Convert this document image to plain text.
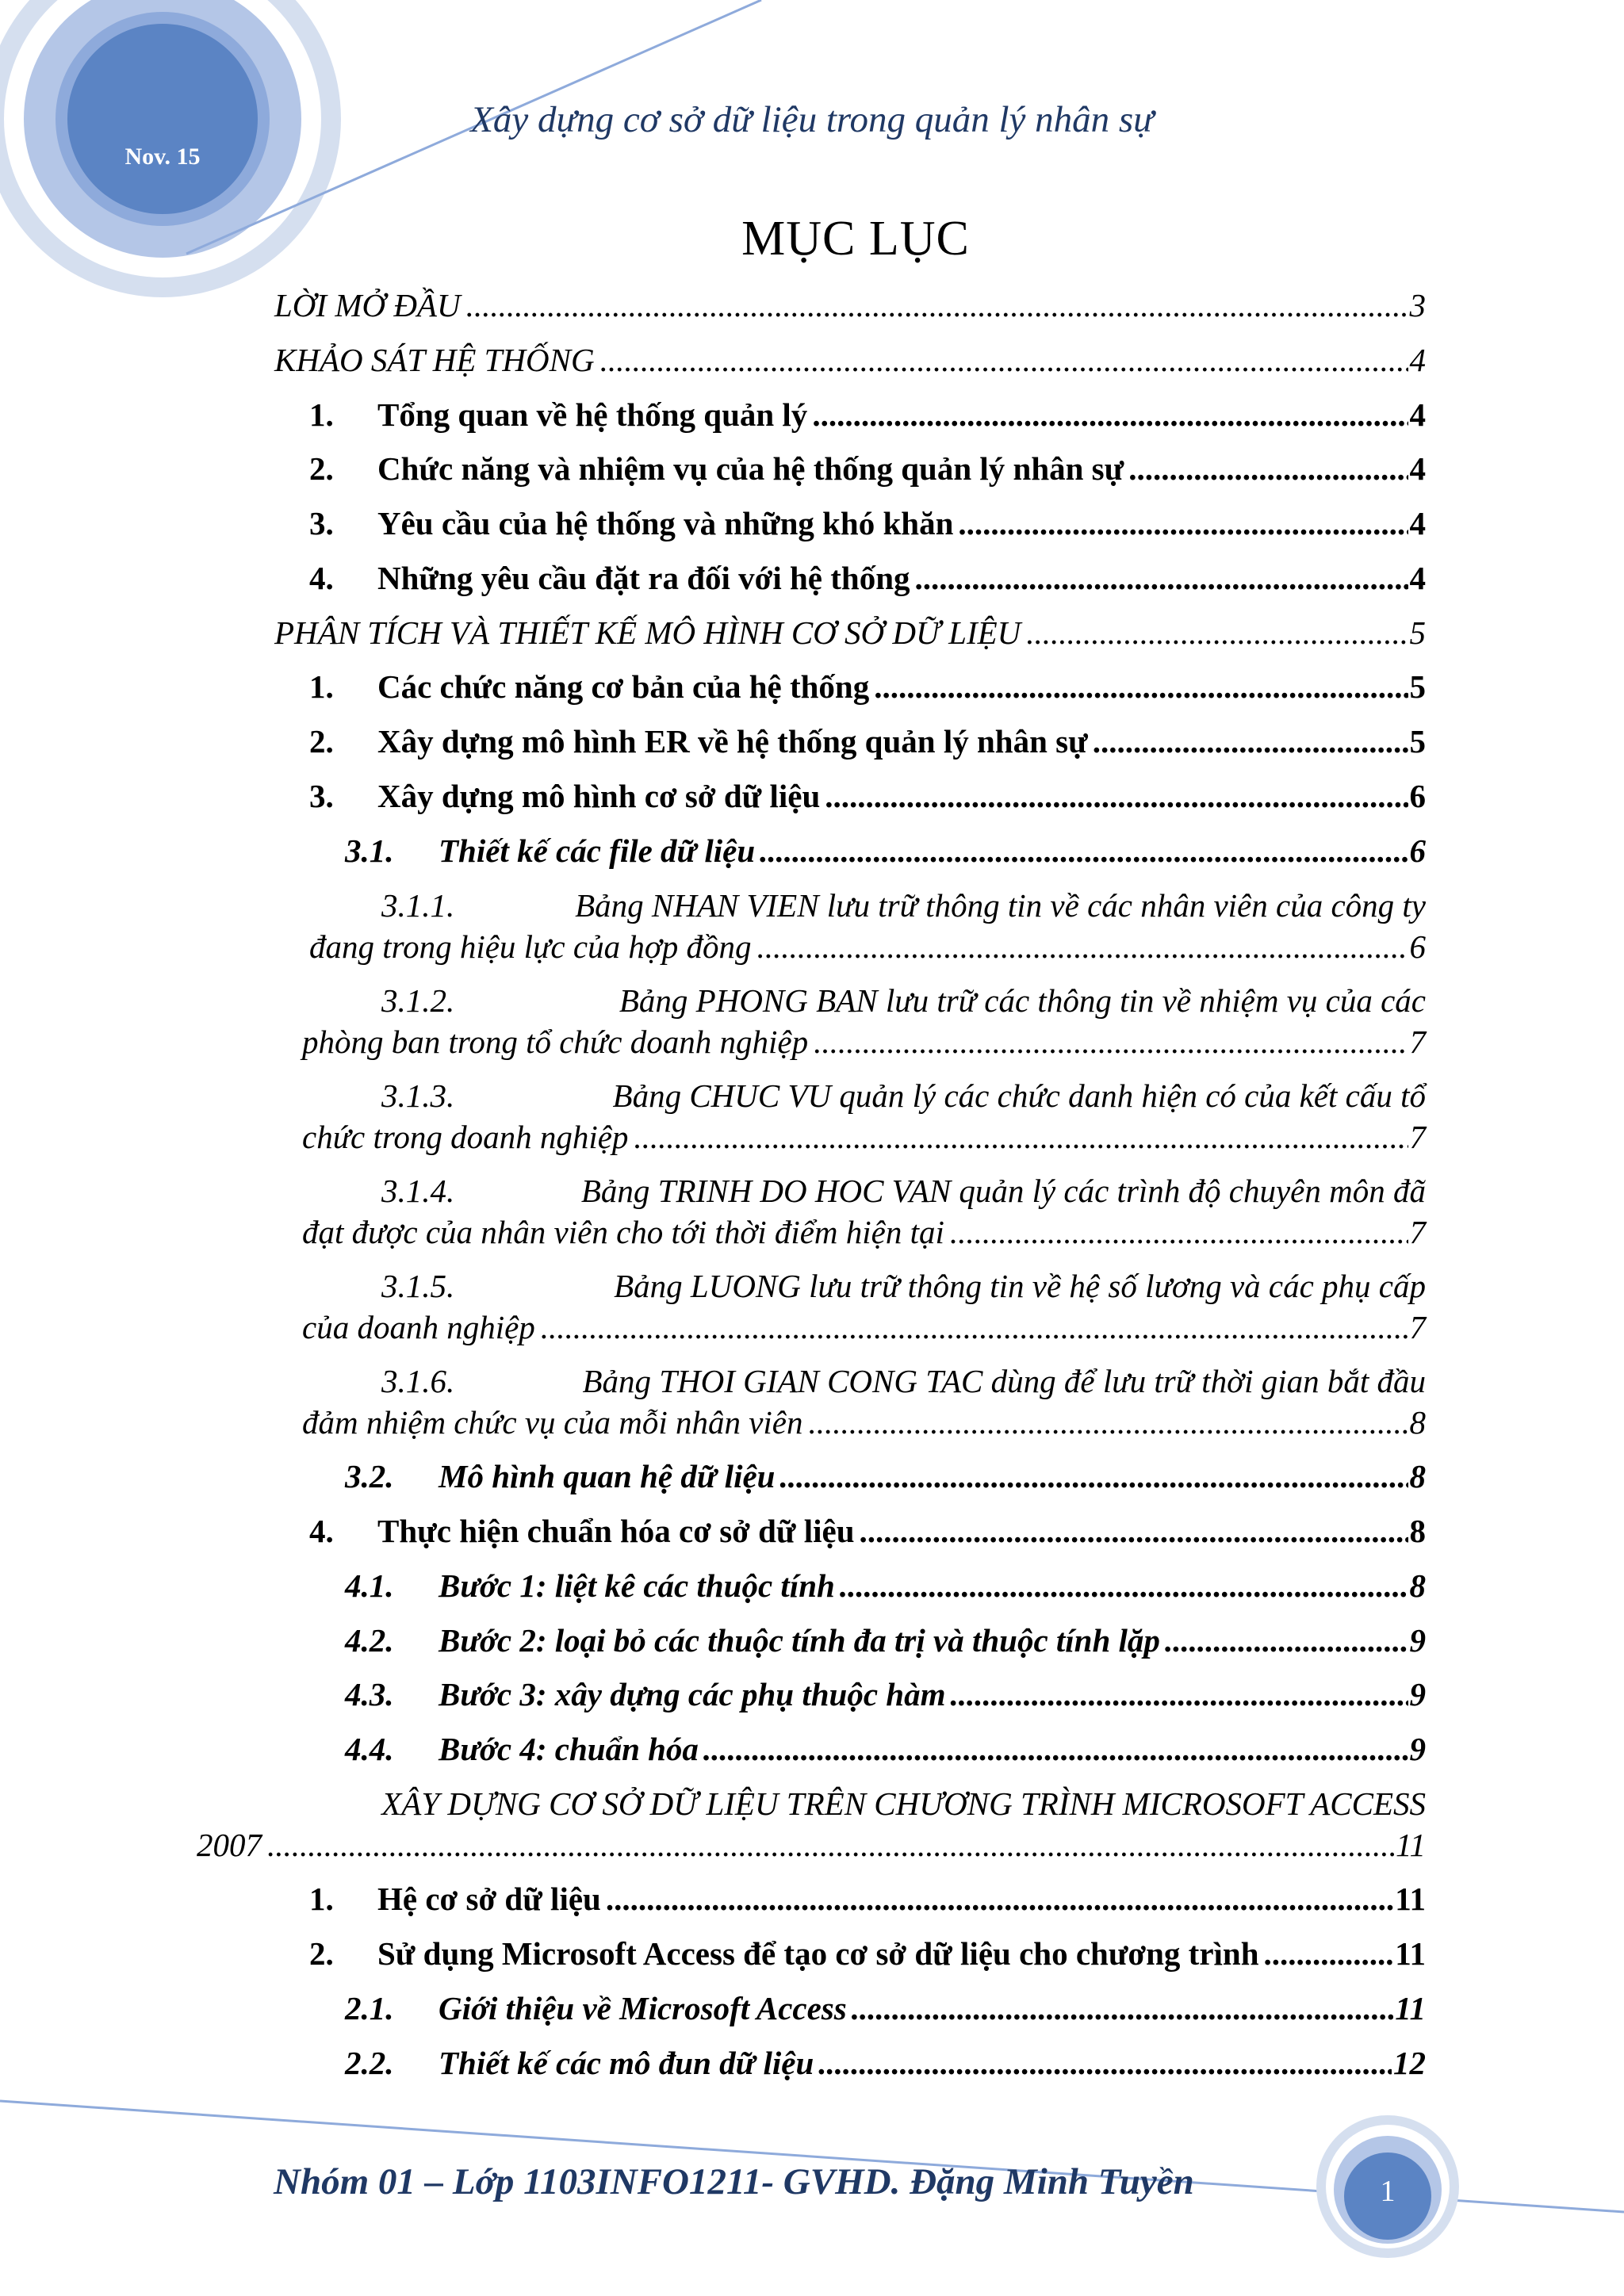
Nov. 15
Xây dựng cơ sở dữ liệu trong quản lý nhân sự
MỤC LỤC
LỜI MỞ ĐẦU .....	3
KHẢO SÁT HỆ THỐNG .....	4
1.	Tổng quan về hệ thống quản lý .....	4
2.	Chức năng và nhiệm vụ của hệ thống quản lý nhân sự .....	4
3.	Yêu cầu của hệ thống và những khó khăn .....	4
4.	Những yêu cầu đặt ra đối với hệ thống .....	4
PHÂN TÍCH VÀ THIẾT KẾ MÔ HÌNH CƠ SỞ DỮ LIỆU .....	5
1.	Các chức năng cơ bản của hệ thống .....	5
2.	Xây dựng mô hình ER về hệ thống quản lý nhân sự .....	5
3.	Xây dựng mô hình cơ sở dữ liệu .....	6
3.1.	Thiết kế các file dữ liệu .....	6
3.1.1.	Bảng NHAN VIEN lưu trữ thông tin về các nhân viên của công ty
đang trong hiệu lực của hợp đồng .....	6
3.1.2.	Bảng PHONG BAN lưu trữ các thông tin về nhiệm vụ của các
phòng ban trong tổ chức doanh nghiệp .....	7
3.1.3.	Bảng CHUC VU quản lý các chức danh hiện có của kết cấu tổ
chức trong doanh nghiệp .....	7
3.1.4.	Bảng TRINH DO HOC VAN quản lý các trình độ chuyên môn đã
đạt được của nhân viên cho tới thời điểm hiện tại .....	7
3.1.5.	Bảng LUONG lưu trữ thông tin về hệ số lương và các phụ cấp
của doanh nghiệp .....	7
3.1.6.	Bảng THOI GIAN CONG TAC dùng để lưu trữ thời gian bắt đầu
đảm nhiệm chức vụ của mỗi nhân viên .....	8
3.2.	Mô hình quan hệ dữ liệu .....	8
4.	Thực hiện chuẩn hóa cơ sở dữ liệu .....	8
4.1.	Bước 1: liệt kê các thuộc tính .....	8
4.2.	Bước 2: loại bỏ các thuộc tính đa trị và thuộc tính lặp .....	9
4.3.	Bước 3: xây dựng các phụ thuộc hàm .....	9
4.4.	Bước 4: chuẩn hóa .....	9
XÂY DỰNG CƠ SỞ DỮ LIỆU TRÊN CHƯƠNG TRÌNH MICROSOFT ACCESS
2007 .....	11
1.	Hệ cơ sở dữ liệu .....	11
2.	Sử dụng Microsoft Access để tạo cơ sở dữ liệu cho chương trình .....	11
2.1.	Giới thiệu về Microsoft Access .....	11
2.2.	Thiết kế các mô đun dữ liệu .....	12
Nhóm 01 – Lớp 1103INFO1211- GVHD. Đặng Minh Tuyền	1
